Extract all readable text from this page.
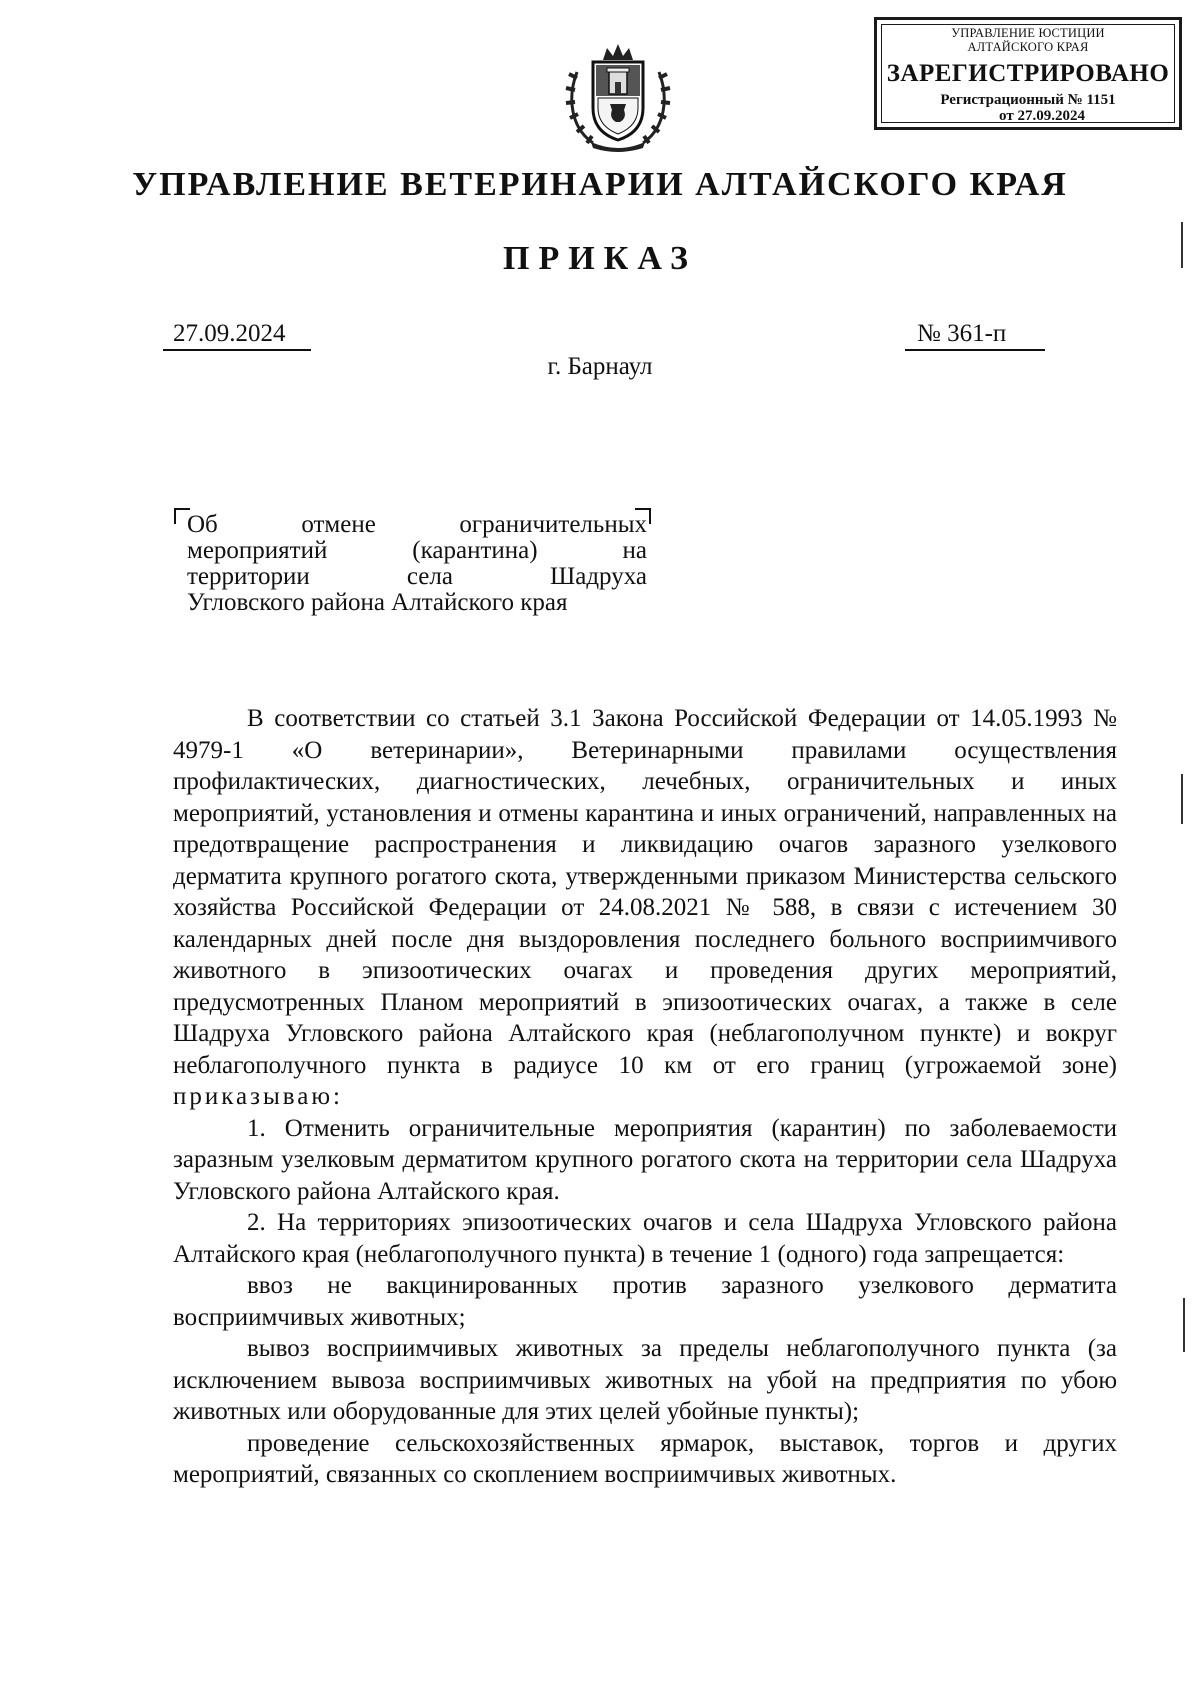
УПРАВЛЕНИЕ ЮСТИЦИИ АЛТАЙСКОГО КРАЯ
ЗАРЕГИСТРИРОВАНО
Регистрационный № 1151
от 27.09.2024
УПРАВЛЕНИЕ ВЕТЕРИНАРИИ АЛТАЙСКОГО КРАЯ
ПРИКАЗ
27.09.2024	№ 361-п
г. Барнаул
Об отмене ограничительных
мероприятий (карантина) на
территории села Шадруха
Угловского района Алтайского края

В соответствии со статьей 3.1 Закона Российской Федерации от 14.05.1993 № 4979-1 «О ветеринарии», Ветеринарными правилами осуществления профилактических, диагностических, лечебных, ограничительных и иных мероприятий, установления и отмены карантина и иных ограничений, направленных на предотвращение распространения и ликвидацию очагов заразного узелкового дерматита крупного рогатого скота, утвержденными приказом Министерства сельского хозяйства Российской Федерации от 24.08.2021 № 588, в связи с истечением 30 календарных дней после дня выздоровления последнего больного восприимчивого животного в эпизоотических очагах и проведения других мероприятий, предусмотренных Планом мероприятий в эпизоотических очагах, а также в селе Шадруха Угловского района Алтайского края (неблагополучном пункте) и вокруг неблагополучного пункта в радиусе 10 км от его границ (угрожаемой зоне) приказываю:

1. Отменить ограничительные мероприятия (карантин) по заболеваемости заразным узелковым дерматитом крупного рогатого скота на территории села Шадруха Угловского района Алтайского края.

2. На территориях эпизоотических очагов и села Шадруха Угловского района Алтайского края (неблагополучного пункта) в течение 1 (одного) года запрещается:

ввоз не вакцинированных против заразного узелкового дерматита восприимчивых животных;

вывоз восприимчивых животных за пределы неблагополучного пункта (за исключением вывоза восприимчивых животных на убой на предприятия по убою животных или оборудованные для этих целей убойные пункты);

проведение сельскохозяйственных ярмарок, выставок, торгов и других мероприятий, связанных со скоплением восприимчивых животных.
